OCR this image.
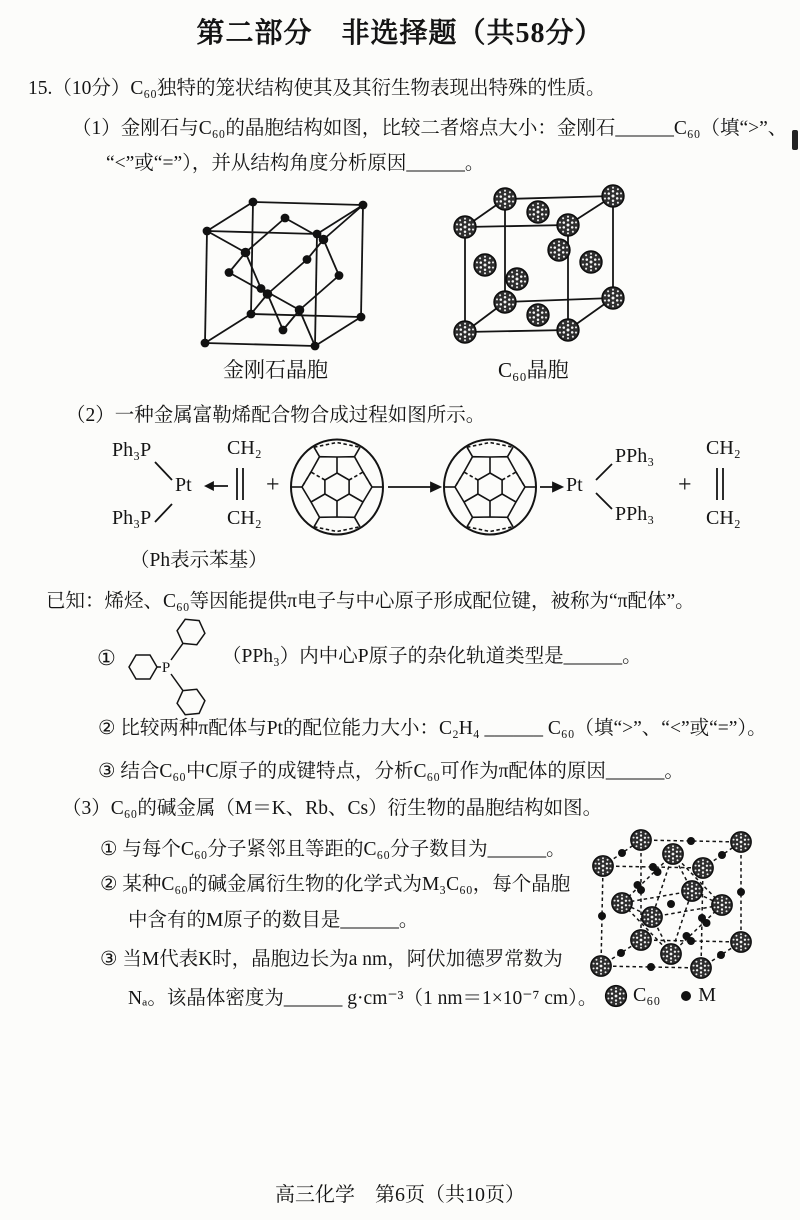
第二部分　非选择题（共58分）
15.（10分）C₆₀独特的笼状结构使其及其衍生物表现出特殊的性质。
（1）金刚石与C₆₀的晶胞结构如图，比较二者熔点大小：金刚石______C₆₀（填“>”、
“<”或“=”），并从结构角度分析原因______。
金刚石晶胞	C₆₀晶胞
（2）一种金属富勒烯配合物合成过程如图所示。
Ph₃P
Ph₃P
Pt
CH₂
CH₂
+	Pt
PPh₃
PPh₃
+
CH₂
CH₂
（Ph表示苯基）
已知：烯烃、C₆₀等因能提供π电子与中心原子形成配位键，被称为“π配体”。
①	P
（PPh₃）内中心P原子的杂化轨道类型是______。
② 比较两种π配体与Pt的配位能力大小：C₂H₄ ______ C₆₀（填“>”、“<”或“=”）。
③ 结合C₆₀中C原子的成键特点，分析C₆₀可作为π配体的原因______。
（3）C₆₀的碱金属（M＝K、Rb、Cs）衍生物的晶胞结构如图。
① 与每个C₆₀分子紧邻且等距的C₆₀分子数目为______。
② 某种C₆₀的碱金属衍生物的化学式为M₃C₆₀，每个晶胞
中含有的M原子的数目是______。
③ 当M代表K时，晶胞边长为a nm，阿伏加德罗常数为
Nₐ。该晶体密度为______ g·cm⁻³（1 nm＝1×10⁻⁷ cm）。 C₆₀ M
高三化学　第6页（共10页）
